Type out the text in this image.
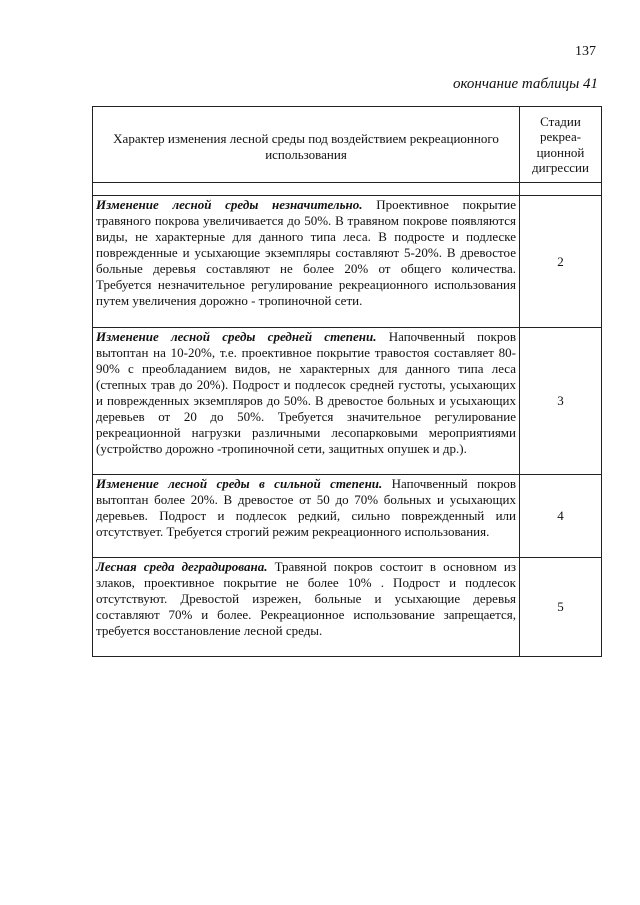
137
окончание таблицы 41
Характер изменения лесной среды под воздействием рекреационного использования	Стадии
рекреа-
ционной
дигрессии

Изменение лесной среды незначительно. Проективное покрытие травяного покрова увеличивается до 50%. В травяном покрове появляются виды, не характерные для данного типа леса. В подросте и подлеске поврежденные и усыхающие экземпляры составляют 5-20%. В древостое больные деревья составляют не более 20% от общего количества. Требуется незначительное регулирование рекреационного использования путем увеличения дорожно - тропиночной сети.	2
Изменение лесной среды средней степени. Напочвенный покров вытоптан на 10-20%, т.е. проективное покрытие травостоя составляет 80-90% с преобладанием видов, не характерных для данного типа леса (степных трав до 20%). Подрост и подлесок средней густоты, усыхающих и поврежденных экземпляров до 50%. В древостое больных и усыхающих деревьев от 20 до 50%. Требуется значительное регулирование рекреационной нагрузки различными лесопарковыми мероприятиями (устройство дорожно -тропиночной сети, защитных опушек и др.).	3
Изменение лесной среды в сильной степени. Напочвенный покров вытоптан более 20%. В древостое от 50 до 70% больных и усыхающих деревьев. Подрост и подлесок редкий, сильно поврежденный или отсутствует. Требуется строгий режим рекреационного использования.	4
Лесная среда деградирована. Травяной покров состоит в основном из злаков, проективное покрытие не более 10% . Подрост и подлесок отсутствуют. Древостой изрежен, больные и усыхающие деревья составляют 70% и более. Рекреационное использование запрещается, требуется восстановление лесной среды.	5
